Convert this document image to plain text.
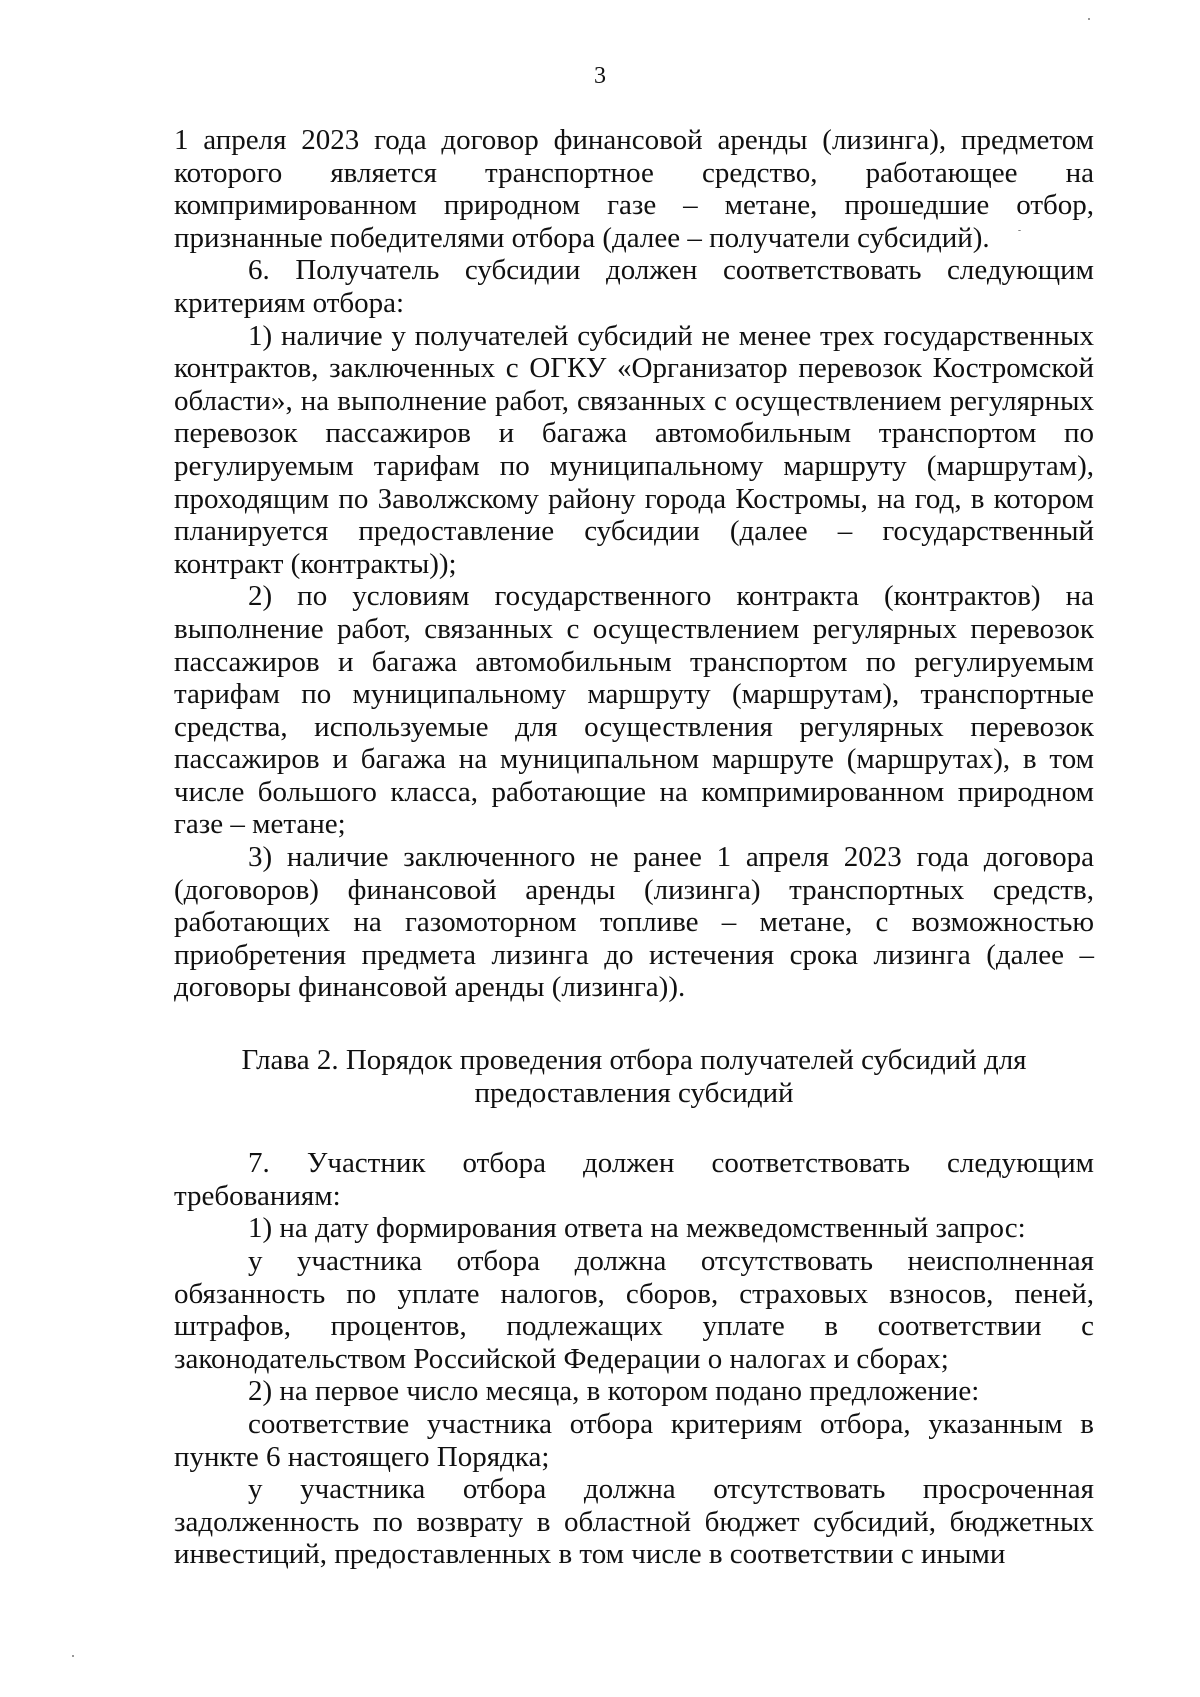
3

1 апреля 2023 года договор финансовой аренды (лизинга), предметом которого является транспортное средство, работающее на компримированном природном газе – метане, прошедшие отбор, признанные победителями отбора (далее – получатели субсидий).

6. Получатель субсидии должен соответствовать следующим критериям отбора:

1) наличие у получателей субсидий не менее трех государственных контрактов, заключенных с ОГКУ «Организатор перевозок Костромской области», на выполнение работ, связанных с осуществлением регулярных перевозок пассажиров и багажа автомобильным транспортом по регулируемым тарифам по муниципальному маршруту (маршрутам), проходящим по Заволжскому району города Костромы, на год, в котором планируется предоставление субсидии (далее – государственный контракт (контракты));

2) по условиям государственного контракта (контрактов) на выполнение работ, связанных с осуществлением регулярных перевозок пассажиров и багажа автомобильным транспортом по регулируемым тарифам по муниципальному маршруту (маршрутам), транспортные средства, используемые для осуществления регулярных перевозок пассажиров и багажа на муниципальном маршруте (маршрутах), в том числе большого класса, работающие на компримированном природном газе – метане;

3) наличие заключенного не ранее 1 апреля 2023 года договора (договоров) финансовой аренды (лизинга) транспортных средств, работающих на газомоторном топливе – метане, с возможностью приобретения предмета лизинга до истечения срока лизинга (далее – договоры финансовой аренды (лизинга)).

Глава 2. Порядок проведения отбора получателей субсидий для предоставления субсидий

7. Участник отбора должен соответствовать следующим требованиям:

1) на дату формирования ответа на межведомственный запрос:

у участника отбора должна отсутствовать неисполненная обязанность по уплате налогов, сборов, страховых взносов, пеней, штрафов, процентов, подлежащих уплате в соответствии с законодательством Российской Федерации о налогах и сборах;

2) на первое число месяца, в котором подано предложение:

соответствие участника отбора критериям отбора, указанным в пункте 6 настоящего Порядка;

у участника отбора должна отсутствовать просроченная задолженность по возврату в областной бюджет субсидий, бюджетных инвестиций, предоставленных в том числе в соответствии с иными
